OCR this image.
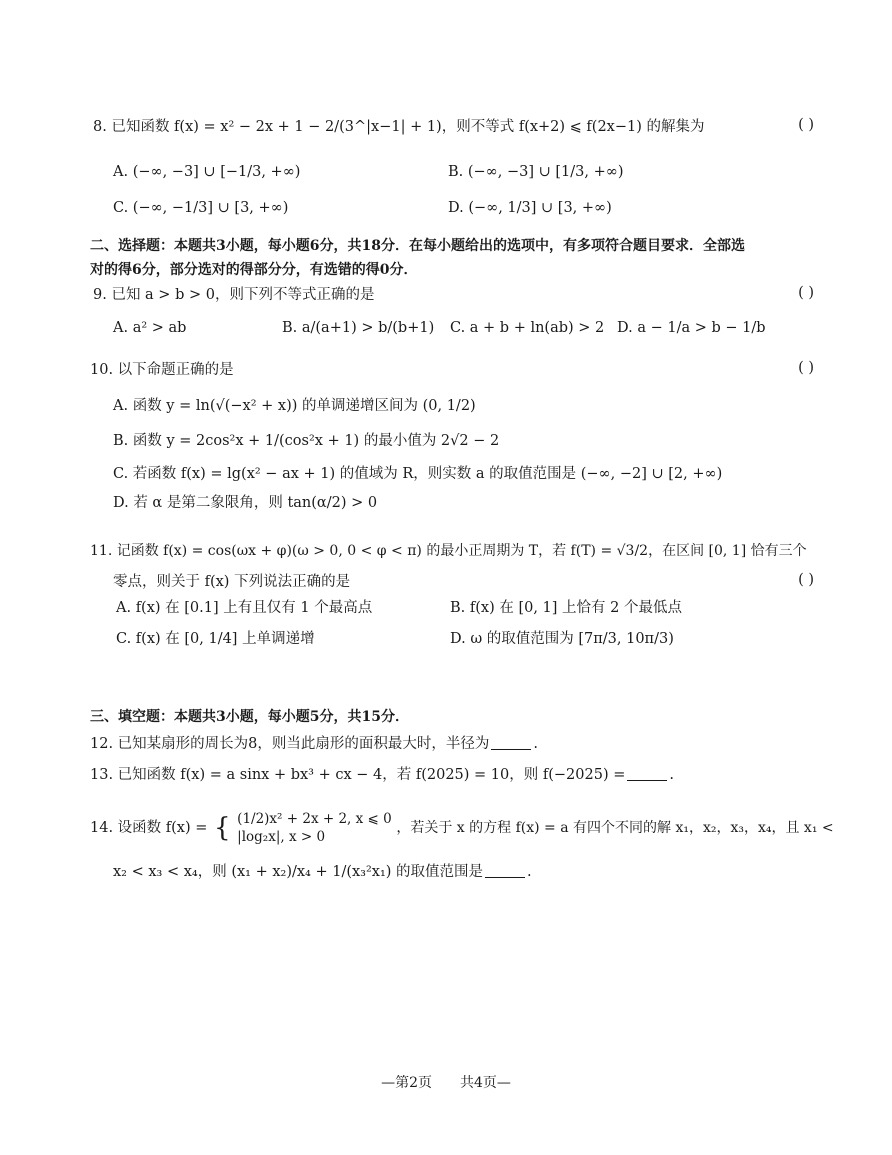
8. 已知函数 f(x) = x² − 2x + 1 − 2/(3^|x−1| + 1)，则不等式 f(x+2) ⩽ f(2x−1) 的解集为	( )
A. (−∞, −3] ∪ [−1/3, +∞)	B. (−∞, −3] ∪ [1/3, +∞)
C. (−∞, −1/3] ∪ [3, +∞)	D. (−∞, 1/3] ∪ [3, +∞)
二、选择题：本题共3小题，每小题6分，共18分．在每小题给出的选项中，有多项符合题目要求．全部选
对的得6分，部分选对的得部分分，有选错的得0分．
9. 已知 a > b > 0，则下列不等式正确的是	( )
A. a² > ab	B. a/(a+1) > b/(b+1) C. a + b + ln(ab) > 2 D. a − 1/a > b − 1/b
10. 以下命题正确的是	( )
A. 函数 y = ln(√(−x² + x)) 的单调递增区间为 (0, 1/2)
B. 函数 y = 2cos²x + 1/(cos²x + 1) 的最小值为 2√2 − 2
C. 若函数 f(x) = lg(x² − ax + 1) 的值域为 R，则实数 a 的取值范围是 (−∞, −2] ∪ [2, +∞)
D. 若 α 是第二象限角，则 tan(α/2) > 0
11. 记函数 f(x) = cos(ωx + φ)(ω > 0, 0 < φ < π) 的最小正周期为 T，若 f(T) = √3/2，在区间 [0, 1] 恰有三个
零点，则关于 f(x) 下列说法正确的是	( )
A. f(x) 在 [0.1] 上有且仅有 1 个最高点	B. f(x) 在 [0, 1] 上恰有 2 个最低点
C. f(x) 在 [0, 1/4] 上单调递增	D. ω 的取值范围为 [7π/3, 10π/3)
三、填空题：本题共3小题，每小题5分，共15分．
12. 已知某扇形的周长为8，则当此扇形的面积最大时，半径为	.
13. 已知函数 f(x) = a sinx + bx³ + cx − 4，若 f(2025) = 10，则 f(−2025) =	.
14. 设函数 f(x) = { (1/2)x² + 2x + 2, x ⩽ 0
|log₂x|, x > 0
，若关于 x 的方程 f(x) = a 有四个不同的解 x₁，x₂，x₃，x₄，且 x₁ <
x₂ < x₃ < x₄，则 (x₁ + x₂)/x₄ + 1/(x₃²x₁) 的取值范围是	.
—第2页　　共4页—
